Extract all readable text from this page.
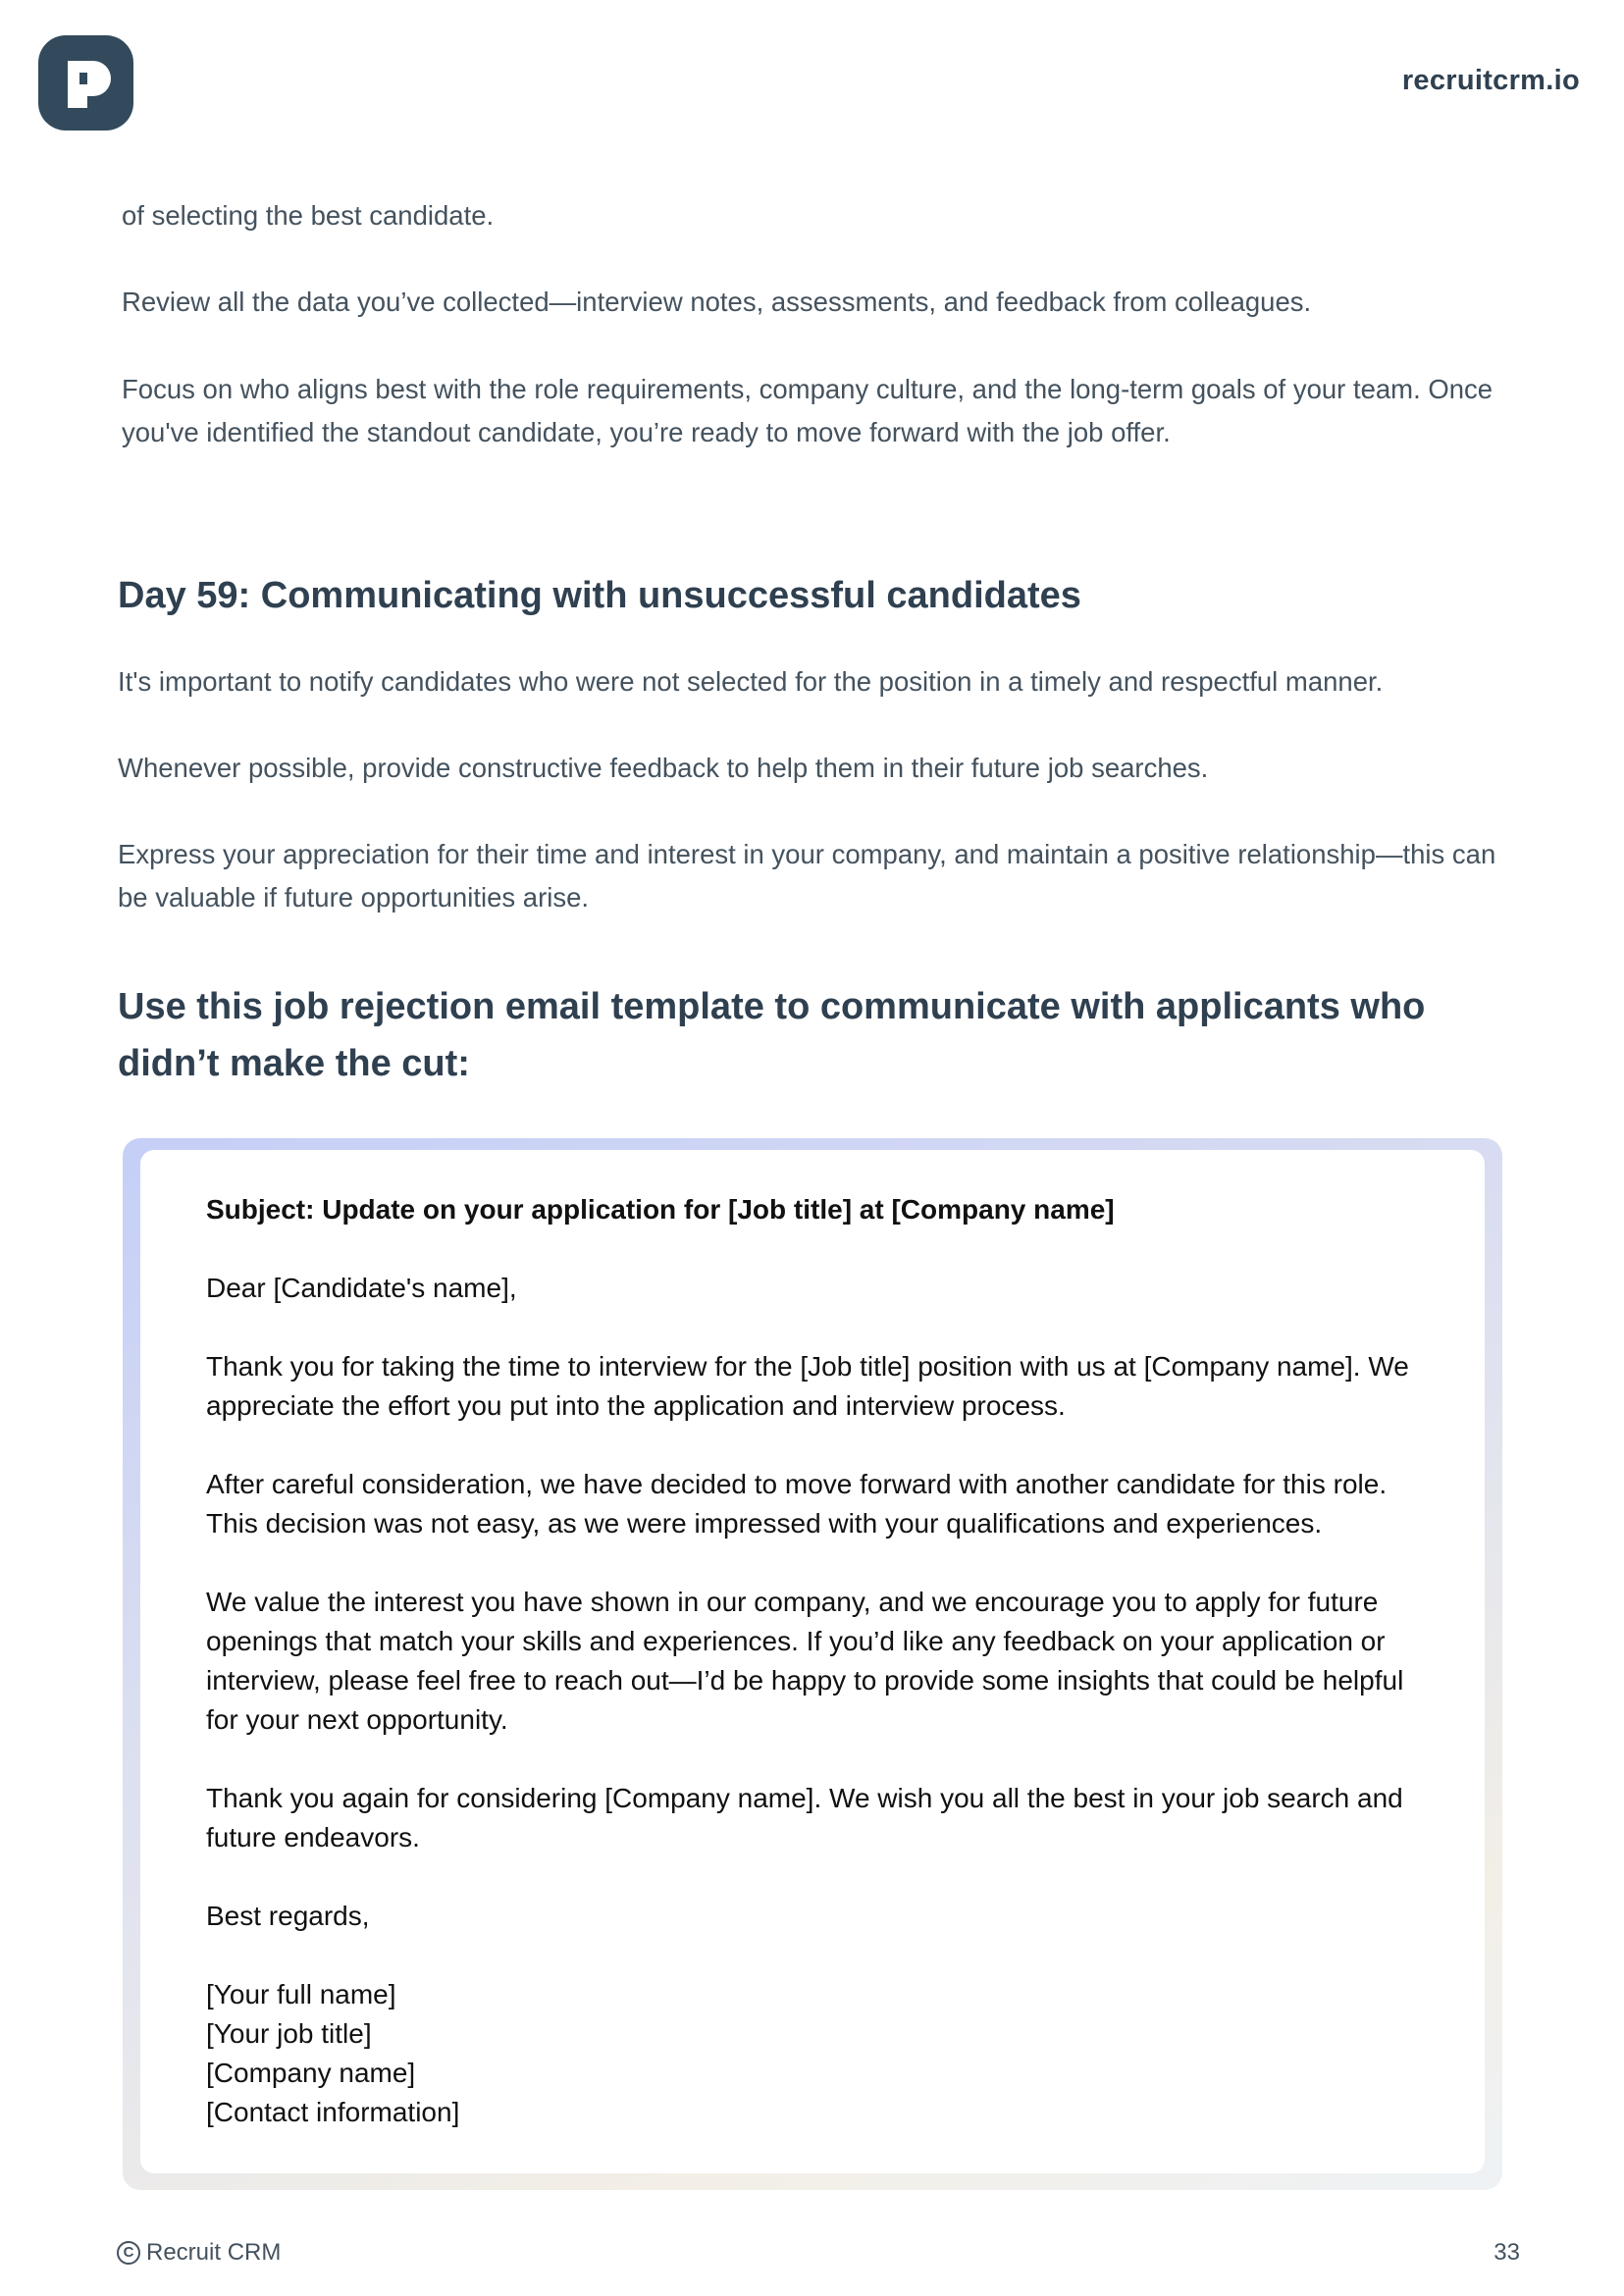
recruitcrm.io

of selecting the best candidate.

Review all the data you’ve collected—interview notes, assessments, and feedback from colleagues.

Focus on who aligns best with the role requirements, company culture, and the long-term goals of your team. Once you've identified the standout candidate, you’re ready to move forward with the job offer.

Day 59: Communicating with unsuccessful candidates

It's important to notify candidates who were not selected for the position in a timely and respectful manner.

Whenever possible, provide constructive feedback to help them in their future job searches.

Express your appreciation for their time and interest in your company, and maintain a positive relationship—this can be valuable if future opportunities arise.

Use this job rejection email template to communicate with applicants who didn’t make the cut:

Subject: Update on your application for [Job title] at [Company name]

Dear [Candidate's name],

Thank you for taking the time to interview for the [Job title] position with us at [Company name]. We appreciate the effort you put into the application and interview process.

After careful consideration, we have decided to move forward with another candidate for this role. This decision was not easy, as we were impressed with your qualifications and experiences.

We value the interest you have shown in our company, and we encourage you to apply for future openings that match your skills and experiences. If you’d like any feedback on your application or interview, please feel free to reach out—I’d be happy to provide some insights that could be helpful for your next opportunity.

Thank you again for considering [Company name]. We wish you all the best in your job search and future endeavors.

Best regards,

[Your full name]
[Your job title]
[Company name]
[Contact information]

C Recruit CRM	33
